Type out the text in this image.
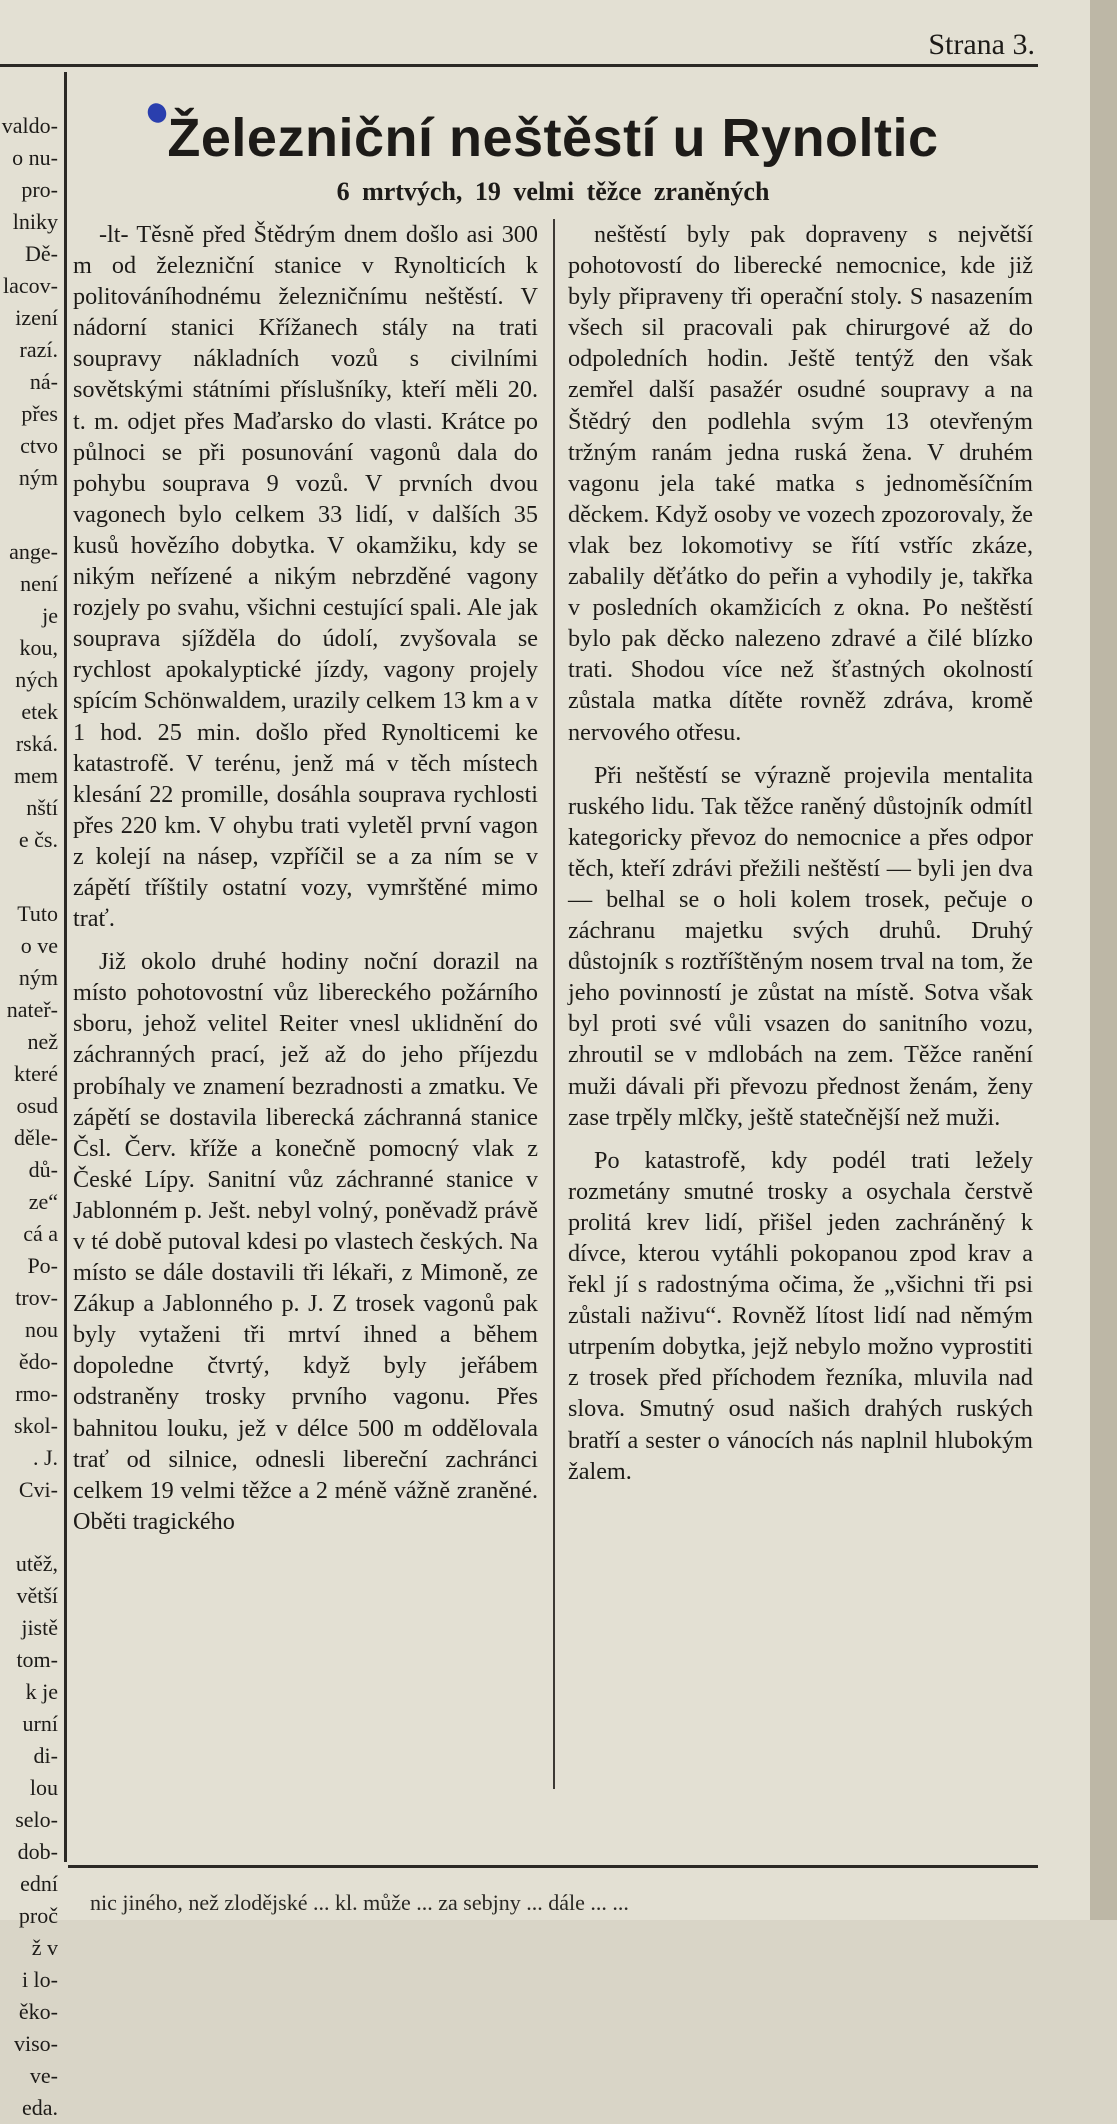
Strana 3.
valdo-
o nu-
pro-
lniky
Dě-
lacov-
izení
razí.
ná-
přes
ctvo
ným
ange-
není
je
kou,
ných
etek
rská.
mem
nští
e čs.
Tuto
o ve
ným
nateř-
než
které
osud
děle-
dů-
ze“
cá a
Po-
trov-
nou
ědo-
rmo-
skol-
. J.
Cvi-
utěž,
větší
jistě
tom-
k je
urní
di-
lou
selo-
dob-
ední
proč
ž v
i lo-
ěko-
viso-
ve-
eda.
Železniční neštěstí u Rynoltic
6 mrtvých, 19 velmi těžce zraněných

-lt- Těsně před Štědrým dnem došlo asi 300 m od železniční stanice v Rynolticích k politováníhodnému železničnímu neštěstí. V nádorní stanici Křížanech stály na trati soupravy nákladních vozů s civilními sovětskými státními příslušníky, kteří měli 20. t. m. odjet přes Maďarsko do vlasti. Krátce po půlnoci se při posunování vagonů dala do pohybu souprava 9 vozů. V prvních dvou vagonech bylo celkem 33 lidí, v dalších 35 kusů hovězího dobytka. V okamžiku, kdy se nikým neřízené a nikým nebrzděné vagony rozjely po svahu, všichni cestující spali. Ale jak souprava sjížděla do údolí, zvyšovala se rychlost apokalyptické jízdy, vagony projely spícím Schönwaldem, urazily celkem 13 km a v 1 hod. 25 min. došlo před Rynolticemi ke katastrofě. V terénu, jenž má v těch místech klesání 22 promille, dosáhla souprava rychlosti přes 220 km. V ohybu trati vyletěl první vagon z kolejí na násep, vzpříčil se a za ním se v zápětí tříštily ostatní vozy, vymrštěné mimo trať.

Již okolo druhé hodiny noční dorazil na místo pohotovostní vůz libereckého požárního sboru, jehož velitel Reiter vnesl uklidnění do záchranných prací, jež až do jeho příjezdu probíhaly ve znamení bezradnosti a zmatku. Ve zápětí se dostavila liberecká záchranná stanice Čsl. Červ. kříže a konečně pomocný vlak z České Lípy. Sanitní vůz záchranné stanice v Jablonném p. Ješt. nebyl volný, poněvadž právě v té době putoval kdesi po vlastech českých. Na místo se dále dostavili tři lékaři, z Mimoně, ze Zákup a Jablonného p. J. Z trosek vagonů pak byly vytaženi tři mrtví ihned a během dopoledne čtvrtý, když byly jeřábem odstraněny trosky prvního vagonu. Přes bahnitou louku, jež v délce 500 m oddělovala trať od silnice, odnesli libereční zachránci celkem 19 velmi těžce a 2 méně vážně zraněné. Oběti tragického

neštěstí byly pak dopraveny s největší pohotovostí do liberecké nemocnice, kde již byly připraveny tři operační stoly. S nasazením všech sil pracovali pak chirurgové až do odpoledních hodin. Ještě tentýž den však zemřel další pasažér osudné soupravy a na Štědrý den podlehla svým 13 otevřeným tržným ranám jedna ruská žena. V druhém vagonu jela také matka s jednoměsíčním děckem. Když osoby ve vozech zpozorovaly, že vlak bez lokomotivy se řítí vstříc zkáze, zabalily děťátko do peřin a vyhodily je, takřka v posledních okamžicích z okna. Po neštěstí bylo pak děcko nalezeno zdravé a čilé blízko trati. Shodou více než šťastných okolností zůstala matka dítěte rovněž zdráva, kromě nervového otřesu.

Při neštěstí se výrazně projevila mentalita ruského lidu. Tak těžce raněný důstojník odmítl kategoricky převoz do nemocnice a přes odpor těch, kteří zdrávi přežili neštěstí — byli jen dva — belhal se o holi kolem trosek, pečuje o záchranu majetku svých druhů. Druhý důstojník s roztříštěným nosem trval na tom, že jeho povinností je zůstat na místě. Sotva však byl proti své vůli vsazen do sanitního vozu, zhroutil se v mdlobách na zem. Těžce ranění muži dávali při převozu přednost ženám, ženy zase trpěly mlčky, ještě statečnější než muži.

Po katastrofě, kdy podél trati ležely rozmetány smutné trosky a osychala čerstvě prolitá krev lidí, přišel jeden zachráněný k dívce, kterou vytáhli pokopanou zpod krav a řekl jí s radostnýma očima, že „všichni tři psi zůstali naživu“. Rovněž lítost lidí nad němým utrpením dobytka, jejž nebylo možno vyprostiti z trosek před příchodem řezníka, mluvila nad slova. Smutný osud našich drahých ruských bratří a sester o vánocích nás naplnil hlubokým žalem.

nic jiného, než zlodějské ... kl. může ... za sebjny ... dále ... ...
